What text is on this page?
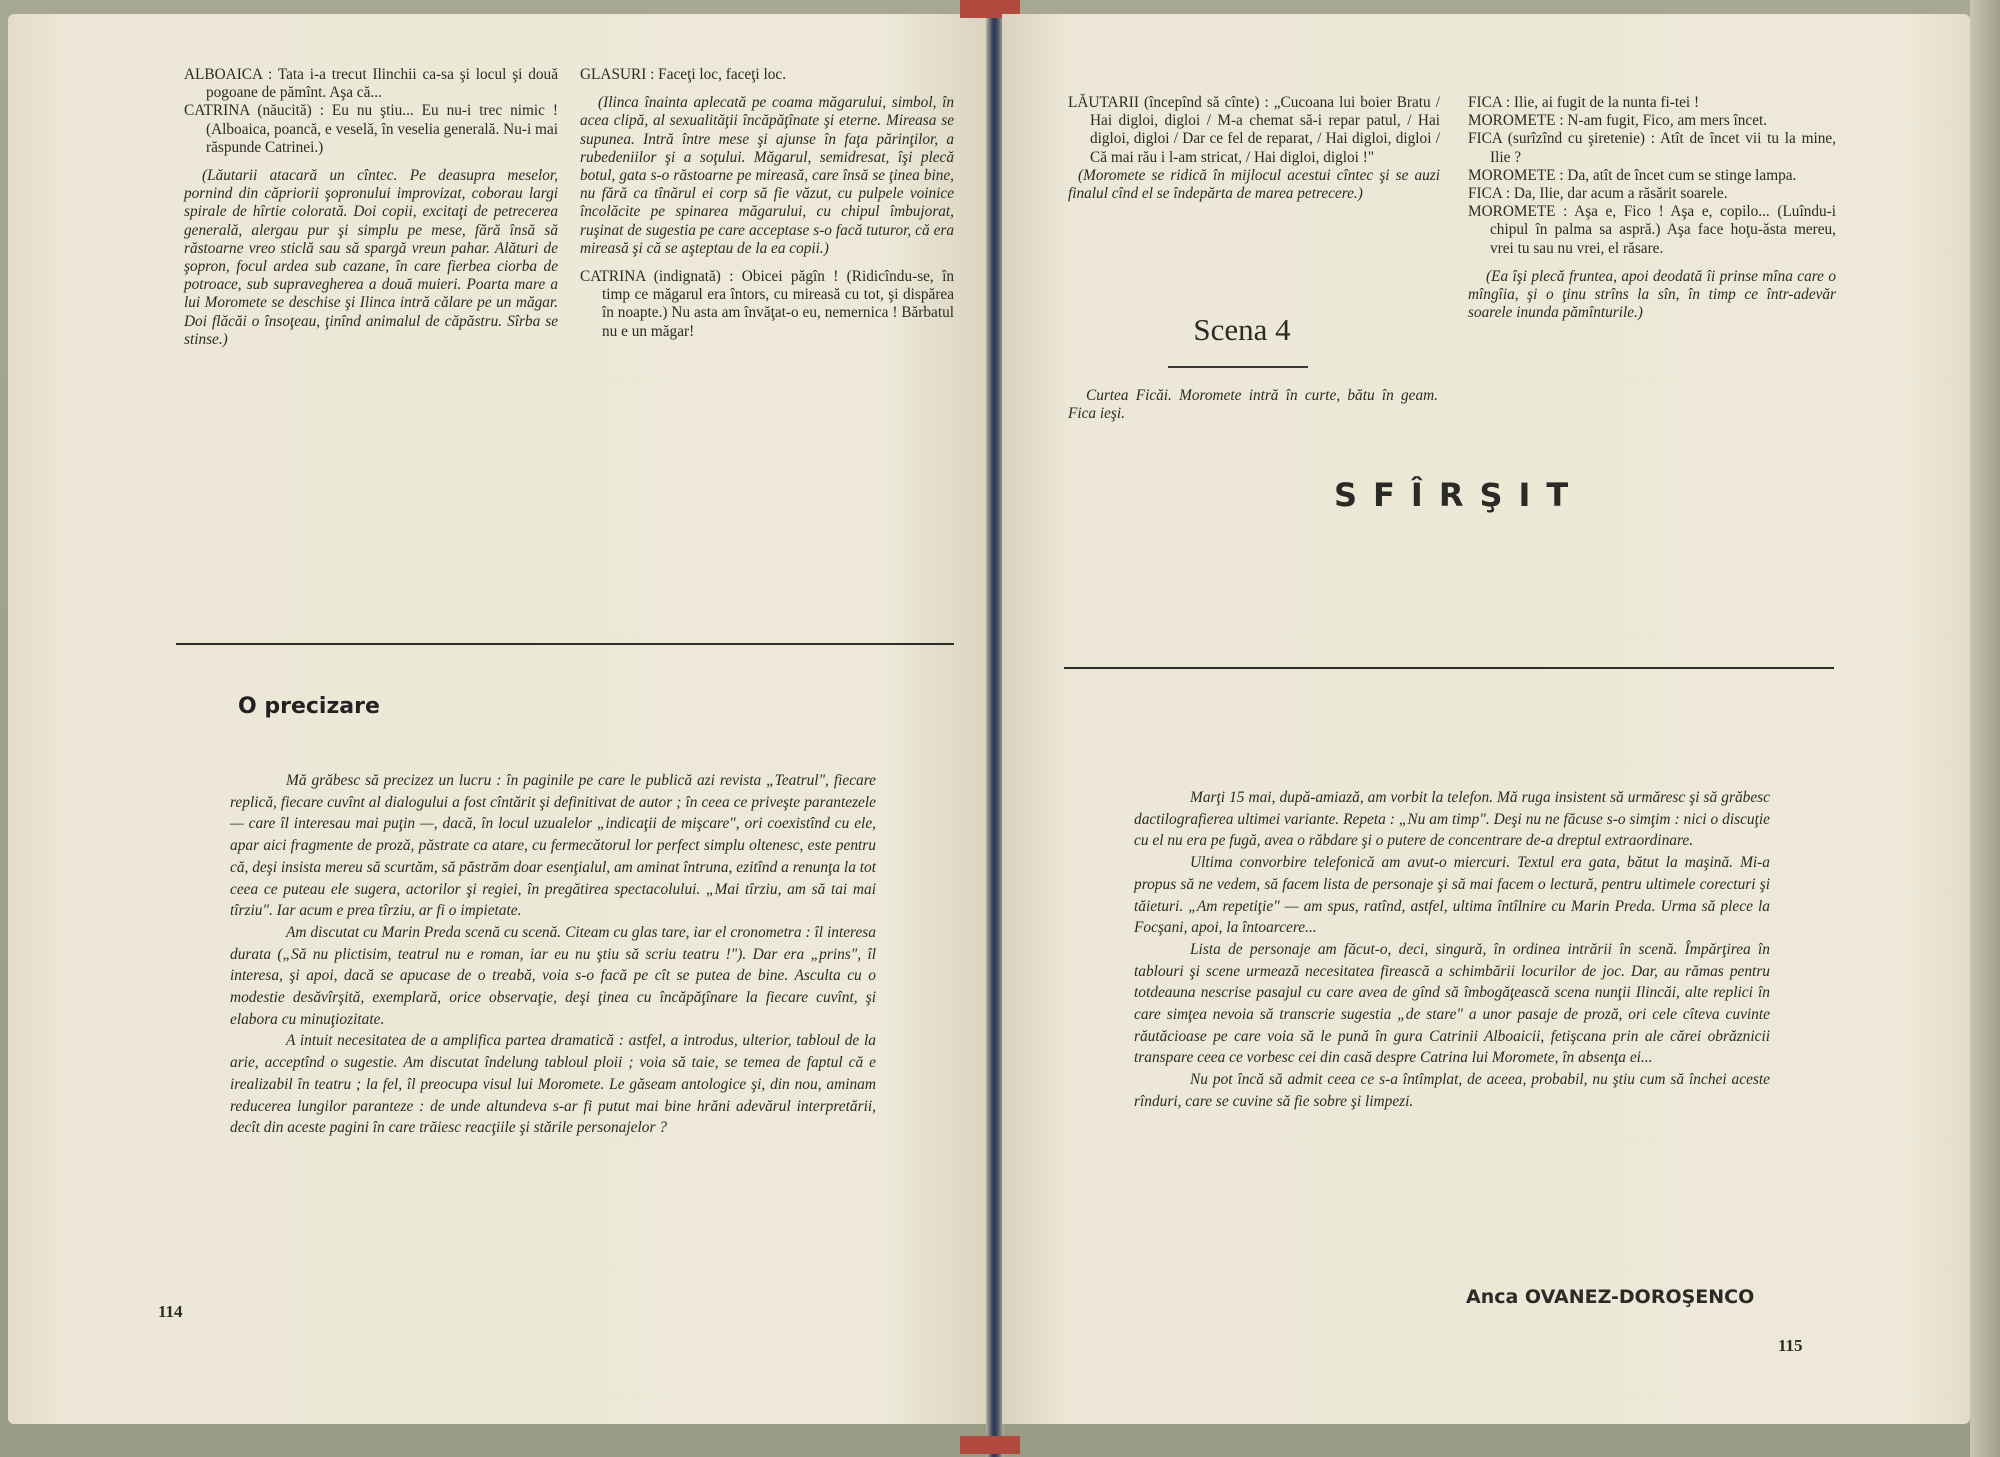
ALBOAICA : Tata i-a trecut Ilinchii ca-sa şi locul şi două pogoane de pămînt. Aşa că...

CATRINA (năucită) : Eu nu ştiu... Eu nu-i trec nimic ! (Alboaica, poancă, e veselă, în veselia generală. Nu-i mai răspunde Catrinei.)

(Lăutarii atacară un cîntec. Pe deasupra meselor, pornind din căpriorii şopronului improvizat, coborau largi spirale de hîrtie colorată. Doi copii, excitaţi de petrecerea generală, alergau pur şi simplu pe mese, fără însă să răstoarne vreo sticlă sau să spargă vreun pahar. Alături de şopron, focul ardea sub cazane, în care fierbea ciorba de potroace, sub supravegherea a două muieri. Poarta mare a lui Moromete se deschise şi Ilinca intră călare pe un măgar. Doi flăcăi o însoţeau, ţinînd animalul de căpăstru. Sîrba se stinse.)

GLASURI : Faceţi loc, faceţi loc.

(Ilinca înainta aplecată pe coama măgarului, simbol, în acea clipă, al sexualităţii încăpăţînate şi eterne. Mireasa se supunea. Intră între mese şi ajunse în faţa părinţilor, a rubedeniilor şi a soţului. Măgarul, semidresat, îşi plecă botul, gata s-o răstoarne pe mireasă, care însă se ţinea bine, nu fără ca tînărul ei corp să fie văzut, cu pulpele voinice încolăcite pe spinarea măgarului, cu chipul îmbujorat, ruşinat de sugestia pe care acceptase s-o facă tuturor, că era mireasă şi că se aşteptau de la ea copii.)

CATRINA (indignată) : Obicei păgîn ! (Ridicîndu-se, în timp ce măgarul era întors, cu mireasă cu tot, şi dispărea în noapte.) Nu asta am învăţat-o eu, nemernica ! Bărbatul nu e un măgar!

O precizare

Mă grăbesc să precizez un lucru : în paginile pe care le publică azi revista „Teatrul", fiecare replică, fiecare cuvînt al dialogului a fost cîntărit şi definitivat de autor ; în ceea ce priveşte parantezele — care îl interesau mai puţin —, dacă, în locul uzualelor „indicaţii de mişcare", ori coexistînd cu ele, apar aici fragmente de proză, păstrate ca atare, cu fermecătorul lor perfect simplu oltenesc, este pentru că, deşi insista mereu să scurtăm, să păstrăm doar esenţialul, am aminat întruna, ezitînd a renunţa la tot ceea ce puteau ele sugera, actorilor şi regiei, în pregătirea spectacolului. „Mai tîrziu, am să tai mai tîrziu". Iar acum e prea tîrziu, ar fi o impietate.

Am discutat cu Marin Preda scenă cu scenă. Citeam cu glas tare, iar el cronometra : îl interesa durata („Să nu plictisim, teatrul nu e roman, iar eu nu ştiu să scriu teatru !"). Dar era „prins", îl interesa, şi apoi, dacă se apucase de o treabă, voia s-o facă pe cît se putea de bine. Asculta cu o modestie desăvîrşită, exemplară, orice observaţie, deşi ţinea cu încăpăţînare la fiecare cuvînt, şi elabora cu minuţiozitate.

A intuit necesitatea de a amplifica partea dramatică : astfel, a introdus, ulterior, tabloul de la arie, acceptînd o sugestie. Am discutat îndelung tabloul ploii ; voia să taie, se temea de faptul că e irealizabil în teatru ; la fel, îl preocupa visul lui Moromete. Le găseam antologice şi, din nou, aminam reducerea lungilor paranteze : de unde altundeva s-ar fi putut mai bine hrăni adevărul interpretării, decît din aceste pagini în care trăiesc reacţiile şi stările personajelor ?

114

LĂUTARII (începînd să cînte) : „Cucoana lui boier Bratu / Hai digloi, digloi / M-a chemat să-i repar patul, / Hai digloi, digloi / Dar ce fel de reparat, / Hai digloi, digloi / Că mai rău i l-am stricat, / Hai digloi, digloi !"

(Moromete se ridică în mijlocul acestui cîntec şi se auzi finalul cînd el se îndepărta de marea petrecere.)

Scena 4

Curtea Ficăi. Moromete intră în curte, bătu în geam. Fica ieşi.

FICA : Ilie, ai fugit de la nunta fi-tei !

MOROMETE : N-am fugit, Fico, am mers încet.

FICA (surîzînd cu şiretenie) : Atît de încet vii tu la mine, Ilie ?

MOROMETE : Da, atît de încet cum se stinge lampa.

FICA : Da, Ilie, dar acum a răsărit soarele.

MOROMETE : Aşa e, Fico ! Aşa e, copilo... (Luîndu-i chipul în palma sa aspră.) Aşa face hoţu-ăsta mereu, vrei tu sau nu vrei, el răsare.

(Ea îşi plecă fruntea, apoi deodată îi prinse mîna care o mîngîia, şi o ţinu strîns la sîn, în timp ce într-adevăr soarele inunda pămînturile.)

SFÎRŞIT

Marţi 15 mai, după-amiază, am vorbit la telefon. Mă ruga insistent să urmăresc şi să grăbesc dactilografierea ultimei variante. Repeta : „Nu am timp". Deşi nu ne făcuse s-o simţim : nici o discuţie cu el nu era pe fugă, avea o răbdare şi o putere de concentrare de-a dreptul extraordinare.

Ultima convorbire telefonică am avut-o miercuri. Textul era gata, bătut la maşină. Mi-a propus să ne vedem, să facem lista de personaje şi să mai facem o lectură, pentru ultimele corecturi şi tăieturi. „Am repetiţie" — am spus, ratînd, astfel, ultima întîlnire cu Marin Preda. Urma să plece la Focşani, apoi, la întoarcere...

Lista de personaje am făcut-o, deci, singură, în ordinea intrării în scenă. Împărţirea în tablouri şi scene urmează necesitatea firească a schimbării locurilor de joc. Dar, au rămas pentru totdeauna nescrise pasajul cu care avea de gînd să îmbogăţească scena nunţii Ilincăi, alte replici în care simţea nevoia să transcrie sugestia „de stare" a unor pasaje de proză, ori cele cîteva cuvinte răutăcioase pe care voia să le pună în gura Catrinii Alboaicii, fetişcana prin ale cărei obrăznicii transpare ceea ce vorbesc cei din casă despre Catrina lui Moromete, în absenţa ei...

Nu pot încă să admit ceea ce s-a întîmplat, de aceea, probabil, nu ştiu cum să închei aceste rînduri, care se cuvine să fie sobre şi limpezi.

Anca OVANEZ-DOROŞENCO
115
